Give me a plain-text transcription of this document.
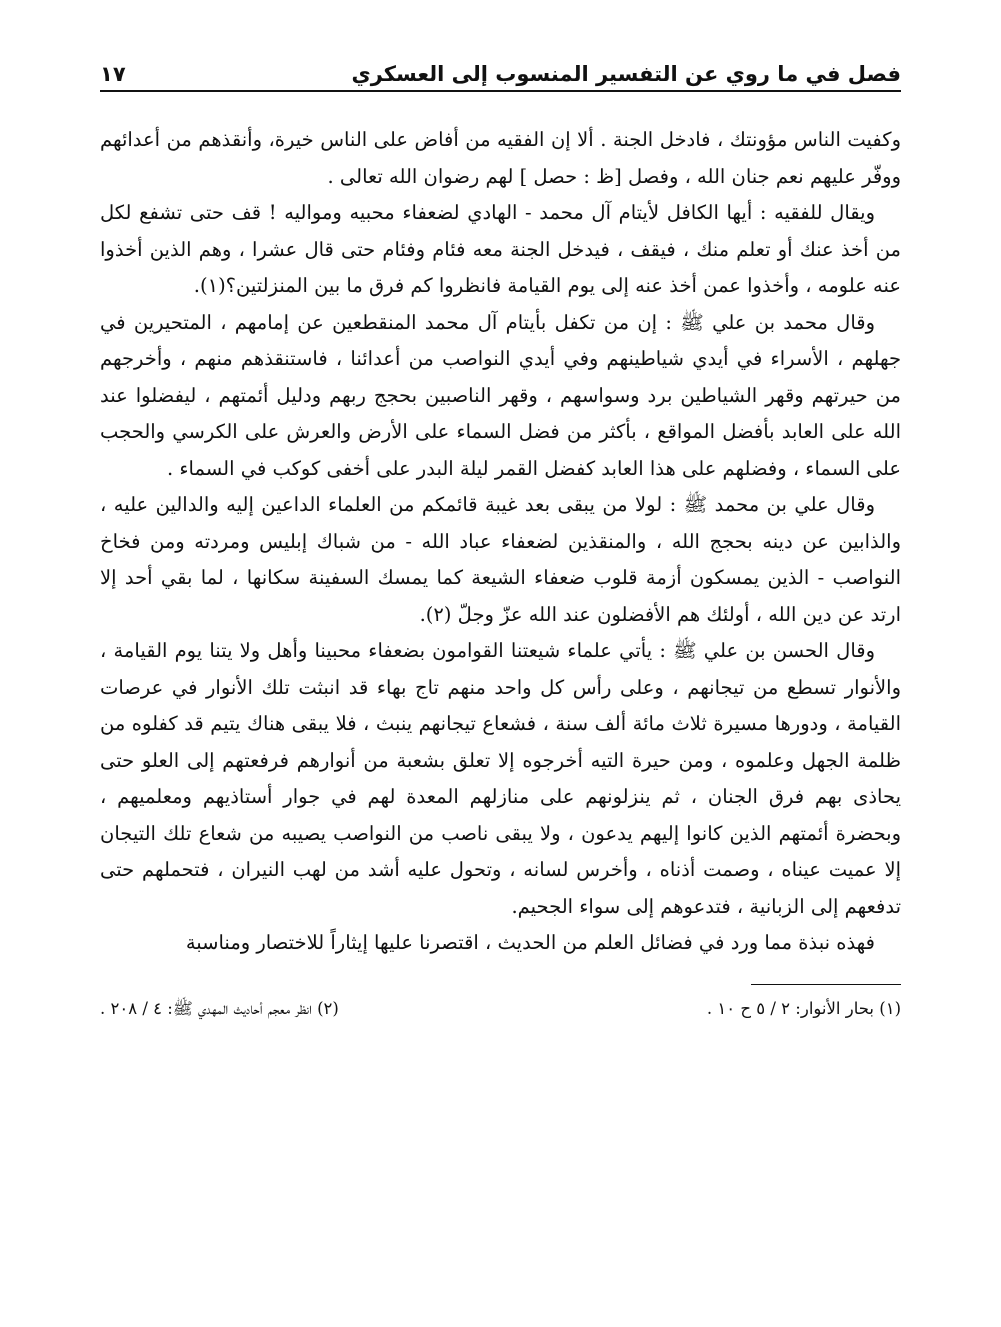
فصل في ما روي عن التفسير المنسوب إلى العسكري
١٧

وكفيت الناس مؤونتك ، فادخل الجنة . ألا إن الفقيه من أفاض على الناس خيرة، وأنقذهم من أعدائهم ووفّر عليهم نعم جنان الله ، وفصل [ظ : حصل ] لهم رضوان الله تعالى .

ويقال للفقيه : أيها الكافل لأيتام آل محمد - الهادي لضعفاء محبيه ومواليه ! قف حتى تشفع لكل من أخذ عنك أو تعلم منك ، فيقف ، فيدخل الجنة معه فئام وفئام حتى قال عشرا ، وهم الذين أخذوا عنه علومه ، وأخذوا عمن أخذ عنه إلى يوم القيامة فانظروا كم فرق ما بين المنزلتين؟(١).

وقال محمد بن علي ﷺ : إن من تكفل بأيتام آل محمد المنقطعين عن إمامهم ، المتحيرين في جهلهم ، الأسراء في أيدي شياطينهم وفي أيدي النواصب من أعدائنا ، فاستنقذهم منهم ، وأخرجهم من حيرتهم وقهر الشياطين برد وسواسهم ، وقهر الناصبين بحجج ربهم ودليل أئمتهم ، ليفضلوا عند الله على العابد بأفضل المواقع ، بأكثر من فضل السماء على الأرض والعرش على الكرسي والحجب على السماء ، وفضلهم على هذا العابد كفضل القمر ليلة البدر على أخفى كوكب في السماء .

وقال علي بن محمد ﷺ : لولا من يبقى بعد غيبة قائمكم من العلماء الداعين إليه والدالين عليه ، والذابين عن دينه بحجج الله ، والمنقذين لضعفاء عباد الله - من شباك إبليس ومردته ومن فخاخ النواصب - الذين يمسكون أزمة قلوب ضعفاء الشيعة كما يمسك السفينة سكانها ، لما بقي أحد إلا ارتد عن دين الله ، أولئك هم الأفضلون عند الله عزّ وجلّ (٢).

وقال الحسن بن علي ﷺ : يأتي علماء شيعتنا القوامون بضعفاء محبينا وأهل ولا يتنا يوم القيامة ، والأنوار تسطع من تيجانهم ، وعلى رأس كل واحد منهم تاج بهاء قد انبثت تلك الأنوار في عرصات القيامة ، ودورها مسيرة ثلاث مائة ألف سنة ، فشعاع تيجانهم ينبث ، فلا يبقى هناك يتيم قد كفلوه من ظلمة الجهل وعلموه ، ومن حيرة التيه أخرجوه إلا تعلق بشعبة من أنوارهم فرفعتهم إلى العلو حتى يحاذى بهم فرق الجنان ، ثم ينزلونهم على منازلهم المعدة لهم في جوار أستاذيهم ومعلميهم ، وبحضرة أئمتهم الذين كانوا إليهم يدعون ، ولا يبقى ناصب من النواصب يصيبه من شعاع تلك التيجان إلا عميت عيناه ، وصمت أذناه ، وأخرس لسانه ، وتحول عليه أشد من لهب النيران ، فتحملهم حتى تدفعهم إلى الزبانية ، فتدعوهم إلى سواء الجحيم.

فهذه نبذة مما ورد في فضائل العلم من الحديث ، اقتصرنا عليها إيثاراً للاختصار ومناسبة

(١) بحار الأنوار: ٢ / ٥ ح ١٠ .
(٢) انظر معجم أحاديث المهدي ﷺ: ٤ / ٢٠٨ .
